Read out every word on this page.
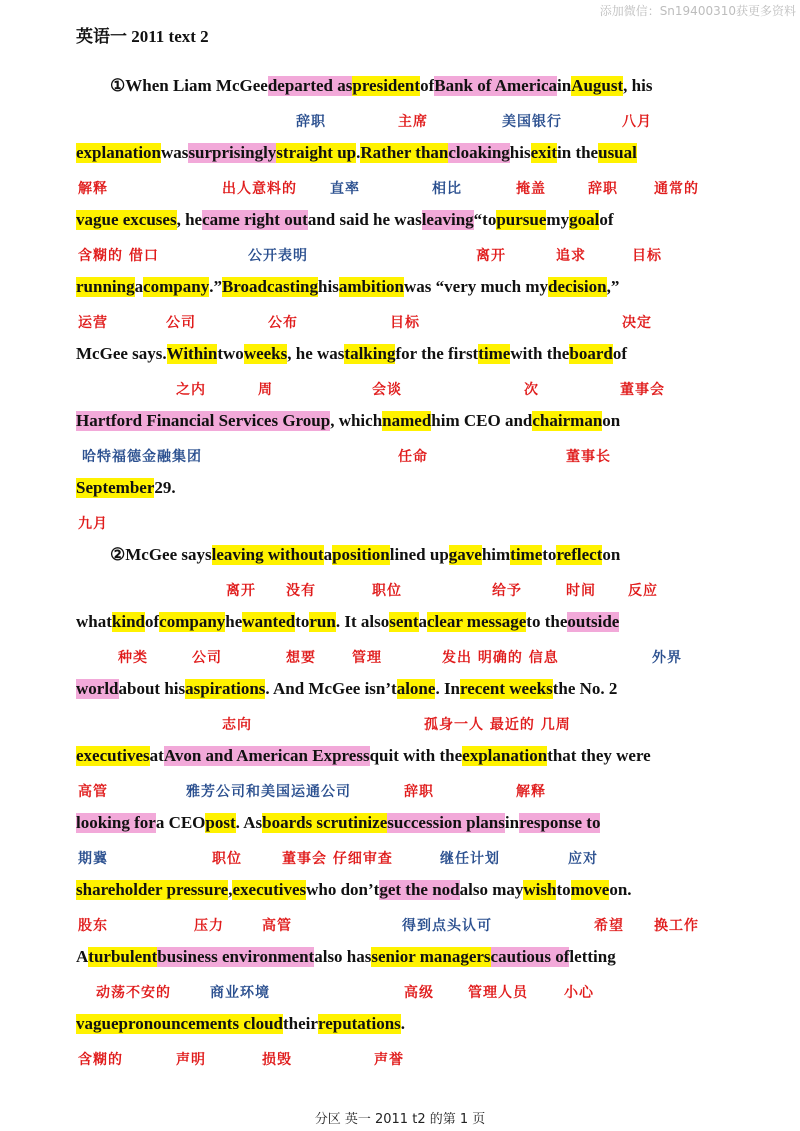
添加微信：Sn19400310获更多资料
英语一 2011 text 2
①When Liam McGeedeparted aspresidentofBank of AmericainAugust, his
辞职	主席	美国银行	八月
explanationwassurprisinglystraight up.Rather thancloakinghisexitin theusual
解释	出人意料的 直率	相比	掩盖	辞职	通常的
vague excuses, hecame right outand said he wasleaving“topursuemygoalof
含糊的 借口	公开表明	离开	追求	目标
runningacompany.”Broadcastinghisambitionwas “very much mydecision,”
运营	公司	公布	目标	决定
McGee says.Withintwoweeks, he wastalkingfor the firsttimewith theboardof
之内	周	会谈	次	董事会
Hartford Financial Services Group, whichnamedhim CEO andchairmanon
哈特福德金融集团	任命	董事长
September29.
九月
②McGee saysleaving withoutapositionlined upgavehimtimetoreflecton
离开 没有	职位	给予	时间 反应
whatkindofcompanyhewantedtorun. It alsosentaclear messageto theoutside
种类	公司	想要	管理	发出 明确的 信息	外界
worldabout hisaspirations. And McGee isn’talone. Inrecent weeksthe No. 2
志向	孤身一人 最近的 几周
executivesatAvon and American Expressquit with theexplanationthat they were
高管	雅芳公司和美国运通公司	辞职	解释
looking fora CEOpost. Asboards scrutinizesuccession plansinresponse to
期冀	职位	董事会 仔细审查	继任计划	应对
shareholder pressure,executiveswho don’tget the nodalso maywishtomoveon.
股东	压力	高管	得到点头认可	希望 换工作
Aturbulentbusiness environmentalso hassenior managerscautious ofletting
动荡不安的	商业环境	高级 管理人员	小心
vaguepronouncements cloudtheirreputations.
含糊的	声明	损毁	声誉
分区 英一 2011 t2 的第 1 页
